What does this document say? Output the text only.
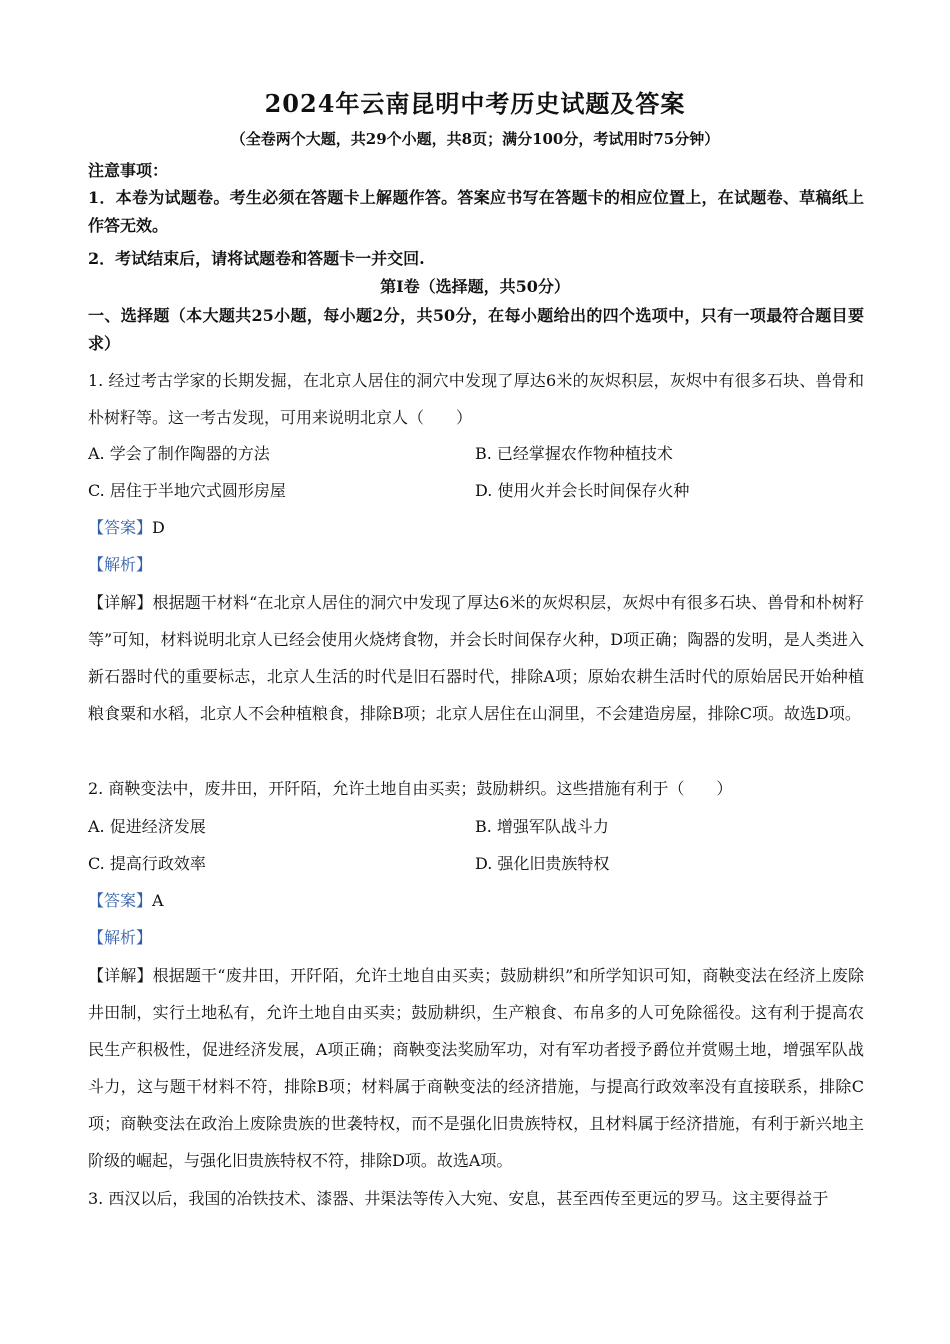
2024年云南昆明中考历史试题及答案
（全卷两个大题，共29个小题，共8页；满分100分，考试用时75分钟）
注意事项：
1．本卷为试题卷。考生必须在答题卡上解题作答。答案应书写在答题卡的相应位置上，在试题卷、草稿纸上作答无效。
2．考试结束后，请将试题卷和答题卡一并交回.
第Ⅰ卷（选择题，共50分）
一、选择题（本大题共25小题，每小题2分，共50分，在每小题给出的四个选项中，只有一项最符合题目要求）
1. 经过考古学家的长期发掘，在北京人居住的洞穴中发现了厚达6米的灰烬积层，灰烬中有很多石块、兽骨和朴树籽等。这一考古发现，可用来说明北京人（　　）
A. 学会了制作陶器的方法	B. 已经掌握农作物种植技术
C. 居住于半地穴式圆形房屋	D. 使用火并会长时间保存火种
【答案】D
【解析】
【详解】根据题干材料“在北京人居住的洞穴中发现了厚达6米的灰烬积层，灰烬中有很多石块、兽骨和朴树籽等”可知，材料说明北京人已经会使用火烧烤食物，并会长时间保存火种，D项正确；陶器的发明，是人类进入新石器时代的重要标志，北京人生活的时代是旧石器时代，排除A项；原始农耕生活时代的原始居民开始种植粮食粟和水稻，北京人不会种植粮食，排除B项；北京人居住在山洞里，不会建造房屋，排除C项。故选D项。
2. 商鞅变法中，废井田，开阡陌，允许土地自由买卖；鼓励耕织。这些措施有利于（　　）
A. 促进经济发展	B. 增强军队战斗力
C. 提高行政效率	D. 强化旧贵族特权
【答案】A
【解析】
【详解】根据题干“废井田，开阡陌，允许土地自由买卖；鼓励耕织”和所学知识可知，商鞅变法在经济上废除井田制，实行土地私有，允许土地自由买卖；鼓励耕织，生产粮食、布帛多的人可免除徭役。这有利于提高农民生产积极性，促进经济发展，A项正确；商鞅变法奖励军功，对有军功者授予爵位并赏赐土地，增强军队战斗力，这与题干材料不符，排除B项；材料属于商鞅变法的经济措施，与提高行政效率没有直接联系，排除C项；商鞅变法在政治上废除贵族的世袭特权，而不是强化旧贵族特权，且材料属于经济措施，有利于新兴地主阶级的崛起，与强化旧贵族特权不符，排除D项。故选A项。
3. 西汉以后，我国的冶铁技术、漆器、井渠法等传入大宛、安息，甚至西传至更远的罗马。这主要得益于
